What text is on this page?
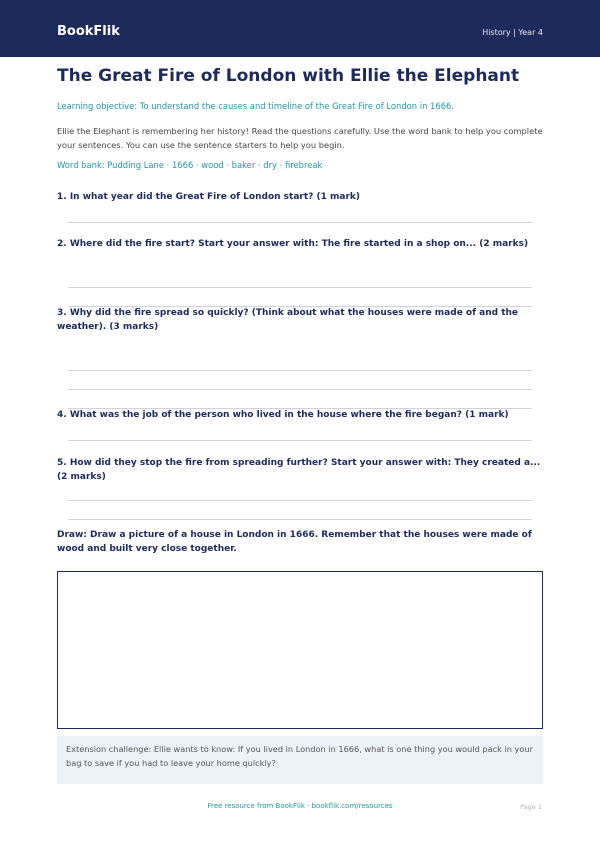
BookFlik	History | Year 4
The Great Fire of London with Ellie the Elephant
Learning objective: To understand the causes and timeline of the Great Fire of London in 1666.
Ellie the Elephant is remembering her history! Read the questions carefully. Use the word bank to help you complete your sentences. You can use the sentence starters to help you begin.
Word bank: Pudding Lane · 1666 · wood · baker · dry · firebreak
1. In what year did the Great Fire of London start? (1 mark)
2. Where did the fire start? Start your answer with: The fire started in a shop on... (2 marks)
3. Why did the fire spread so quickly? (Think about what the houses were made of and the weather). (3 marks)
4. What was the job of the person who lived in the house where the fire began? (1 mark)
5. How did they stop the fire from spreading further? Start your answer with: They created a... (2 marks)
Draw: Draw a picture of a house in London in 1666. Remember that the houses were made of wood and built very close together.
Extension challenge: Ellie wants to know: If you lived in London in 1666, what is one thing you would pack in your bag to save if you had to leave your home quickly?
Free resource from BookFlik · bookflik.com/resources	Page 1
